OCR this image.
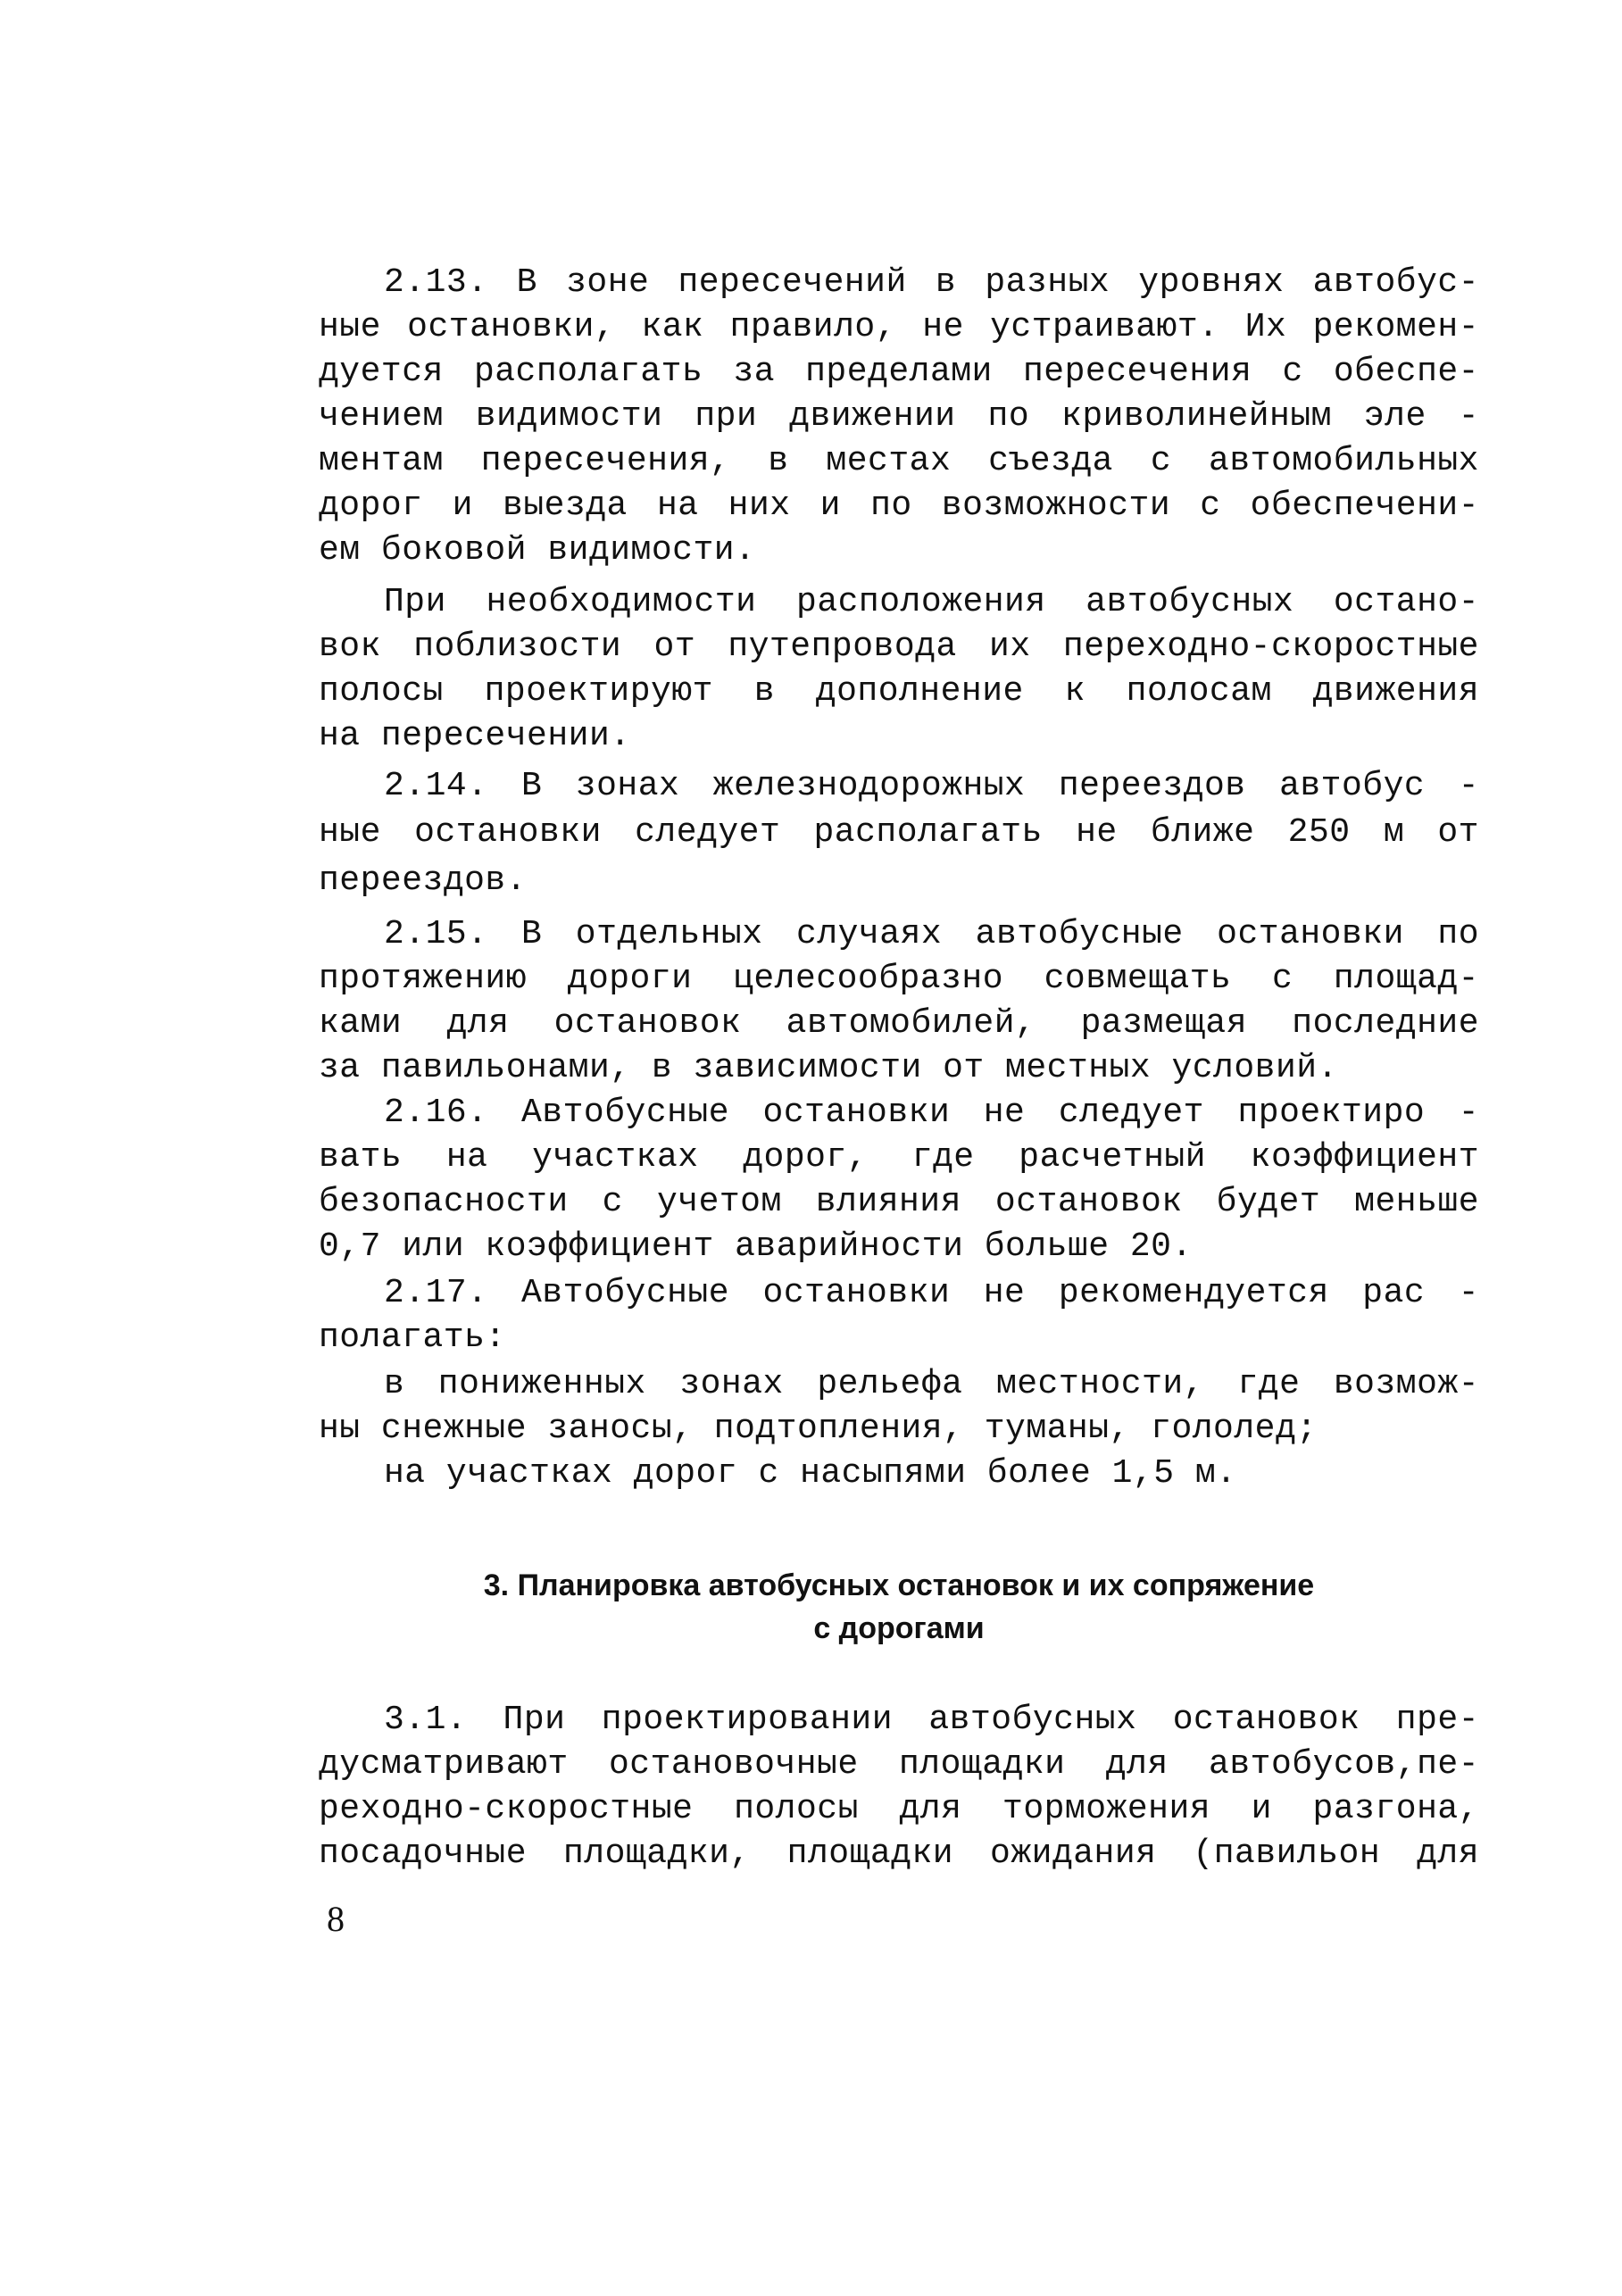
2.13. В зоне пересечений в разных уровнях автобус-
ные остановки, как правило, не устраивают. Их рекомен-
дуется располагать за пределами пересечения с обеспе-
чением видимости при движении по криволинейным эле -
ментам пересечения, в местах съезда с автомобильных
дорог и выезда на них и по возможности с обеспечени-
ем боковой видимости.
При необходимости расположения автобусных остано-
вок поблизости от путепровода их переходно-скоростные
полосы проектируют в дополнение к полосам движения
на пересечении.
2.14. В зонах железнодорожных переездов автобус -
ные остановки следует располагать не ближе 250 м от
переездов.
2.15. В отдельных случаях автобусные остановки по
протяжению дороги целесообразно совмещать с площад-
ками для остановок автомобилей, размещая последние
за павильонами, в зависимости от местных условий.
2.16. Автобусные остановки не следует проектиро -
вать на участках дорог, где расчетный коэффициент
безопасности с учетом влияния остановок будет меньше
0,7 или коэффициент аварийности больше 20.
2.17. Автобусные остановки не рекомендуется рас -
полагать:
в пониженных зонах рельефа местности, где возмож-
ны снежные заносы, подтопления, туманы, гололед;
на участках дорог с насыпями более 1,5 м.
3. Планировка автобусных остановок и их сопряжение
с дорогами
3.1. При проектировании автобусных остановок пре-
дусматривают остановочные площадки для автобусов,пе-
реходно-скоростные полосы для торможения и разгона,
посадочные площадки, площадки ожидания (павильон для
8
